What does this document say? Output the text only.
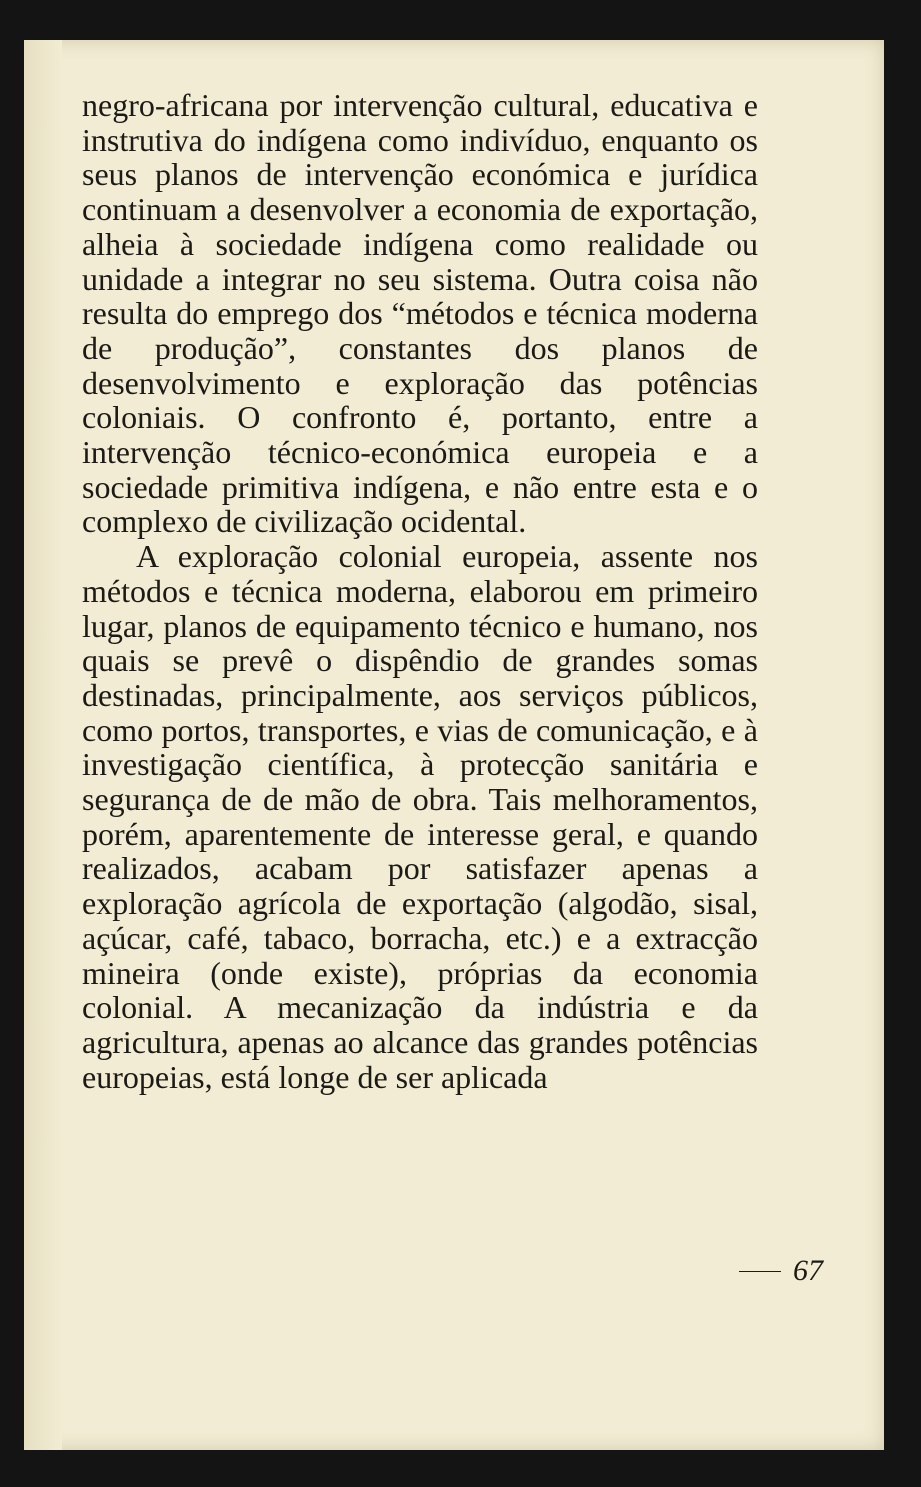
negro-africana por intervenção cultural, educativa e instrutiva do indígena como indivíduo, enquanto os seus planos de intervenção económica e jurídica continuam a desenvolver a economia de exportação, alheia à sociedade indígena como realidade ou unidade a integrar no seu sistema. Outra coisa não resulta do emprego dos “métodos e técnica moderna de produção”, constantes dos planos de desenvolvimento e exploração das potências coloniais. O confronto é, portanto, entre a intervenção técnico-económica europeia e a sociedade primitiva indígena, e não entre esta e o complexo de civilização ocidental.

A exploração colonial europeia, assente nos métodos e técnica moderna, elaborou em primeiro lugar, planos de equipamento técnico e humano, nos quais se prevê o dispêndio de grandes somas destinadas, principalmente, aos serviços públicos, como portos, transportes, e vias de comunicação, e à investigação científica, à protecção sanitária e segurança de de mão de obra. Tais melhoramentos, porém, aparentemente de interesse geral, e quando realizados, acabam por satisfazer apenas a exploração agrícola de exportação (algodão, sisal, açúcar, café, tabaco, borracha, etc.) e a extracção mineira (onde existe), próprias da economia colonial. A mecanização da indústria e da agricultura, apenas ao alcance das grandes potências europeias, está longe de ser aplicada

67
